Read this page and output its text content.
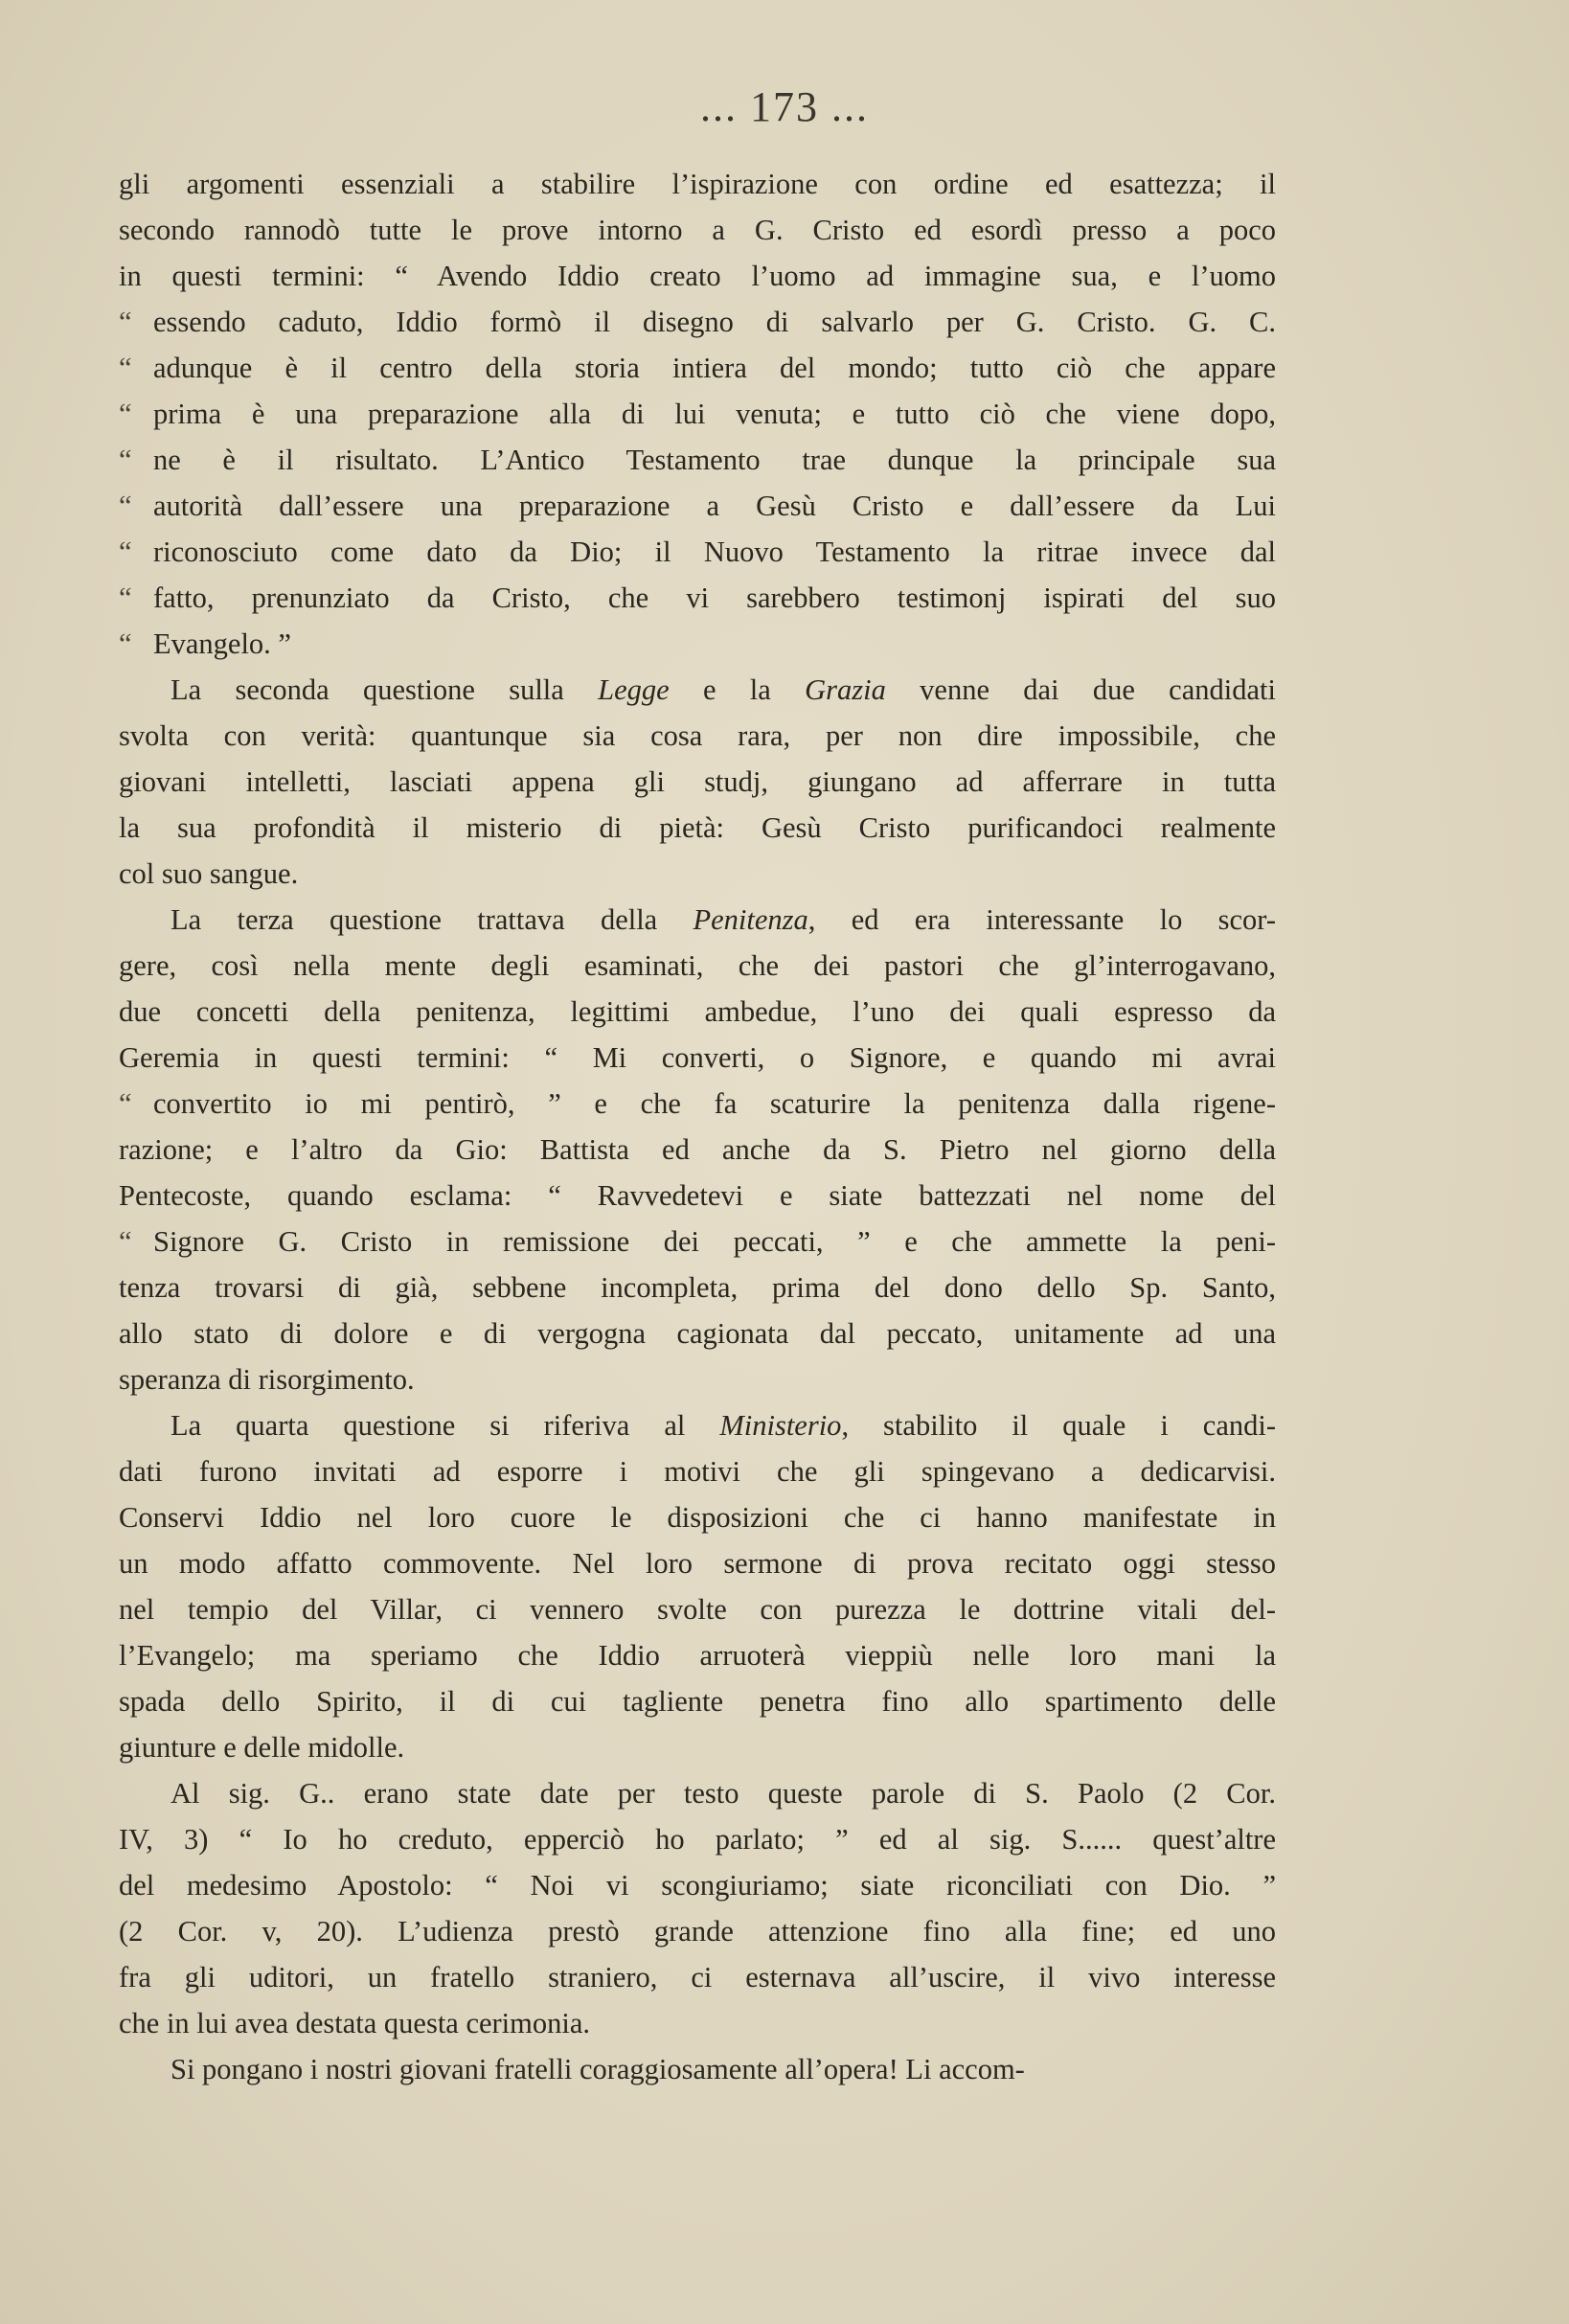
... 173 ...
gli argomenti essenziali a stabilire l’ispirazione con ordine ed esattezza; il
secondo rannodò tutte le prove intorno a G. Cristo ed esordì presso a poco
in questi termini: “ Avendo Iddio creato l’uomo ad immagine sua, e l’uomo
“ essendo caduto, Iddio formò il disegno di salvarlo per G. Cristo. G. C.
“ adunque è il centro della storia intiera del mondo; tutto ciò che appare
“ prima è una preparazione alla di lui venuta; e tutto ciò che viene dopo,
“ ne è il risultato. L’Antico Testamento trae dunque la principale sua
“ autorità dall’essere una preparazione a Gesù Cristo e dall’essere da Lui
“ riconosciuto come dato da Dio; il Nuovo Testamento la ritrae invece dal
“ fatto, prenunziato da Cristo, che vi sarebbero testimonj ispirati del suo
“ Evangelo. ”
La seconda questione sulla Legge e la Grazia venne dai due candidati
svolta con verità: quantunque sia cosa rara, per non dire impossibile, che
giovani intelletti, lasciati appena gli studj, giungano ad afferrare in tutta
la sua profondità il misterio di pietà: Gesù Cristo purificandoci realmente
col suo sangue.
La terza questione trattava della Penitenza, ed era interessante lo scor-
gere, così nella mente degli esaminati, che dei pastori che gl’interrogavano,
due concetti della penitenza, legittimi ambedue, l’uno dei quali espresso da
Geremia in questi termini: “ Mi converti, o Signore, e quando mi avrai
“ convertito io mi pentirò, ” e che fa scaturire la penitenza dalla rigene-
razione; e l’altro da Gio: Battista ed anche da S. Pietro nel giorno della
Pentecoste, quando esclama: “ Ravvedetevi e siate battezzati nel nome del
“ Signore G. Cristo in remissione dei peccati, ” e che ammette la peni-
tenza trovarsi di già, sebbene incompleta, prima del dono dello Sp. Santo,
allo stato di dolore e di vergogna cagionata dal peccato, unitamente ad una
speranza di risorgimento.
La quarta questione si riferiva al Ministerio, stabilito il quale i candi-
dati furono invitati ad esporre i motivi che gli spingevano a dedicarvisi.
Conservi Iddio nel loro cuore le disposizioni che ci hanno manifestate in
un modo affatto commovente. Nel loro sermone di prova recitato oggi stesso
nel tempio del Villar, ci vennero svolte con purezza le dottrine vitali del-
l’Evangelo; ma speriamo che Iddio arruoterà vieppiù nelle loro mani la
spada dello Spirito, il di cui tagliente penetra fino allo spartimento delle
giunture e delle midolle.
Al sig. G.. erano state date per testo queste parole di S. Paolo (2 Cor.
IV, 3) “ Io ho creduto, epperciò ho parlato; ” ed al sig. S...... quest’altre
del medesimo Apostolo: “ Noi vi scongiuriamo; siate riconciliati con Dio. ”
(2 Cor. v, 20). L’udienza prestò grande attenzione fino alla fine; ed uno
fra gli uditori, un fratello straniero, ci esternava all’uscire, il vivo interesse
che in lui avea destata questa cerimonia.
Si pongano i nostri giovani fratelli coraggiosamente all’opera! Li accom-
